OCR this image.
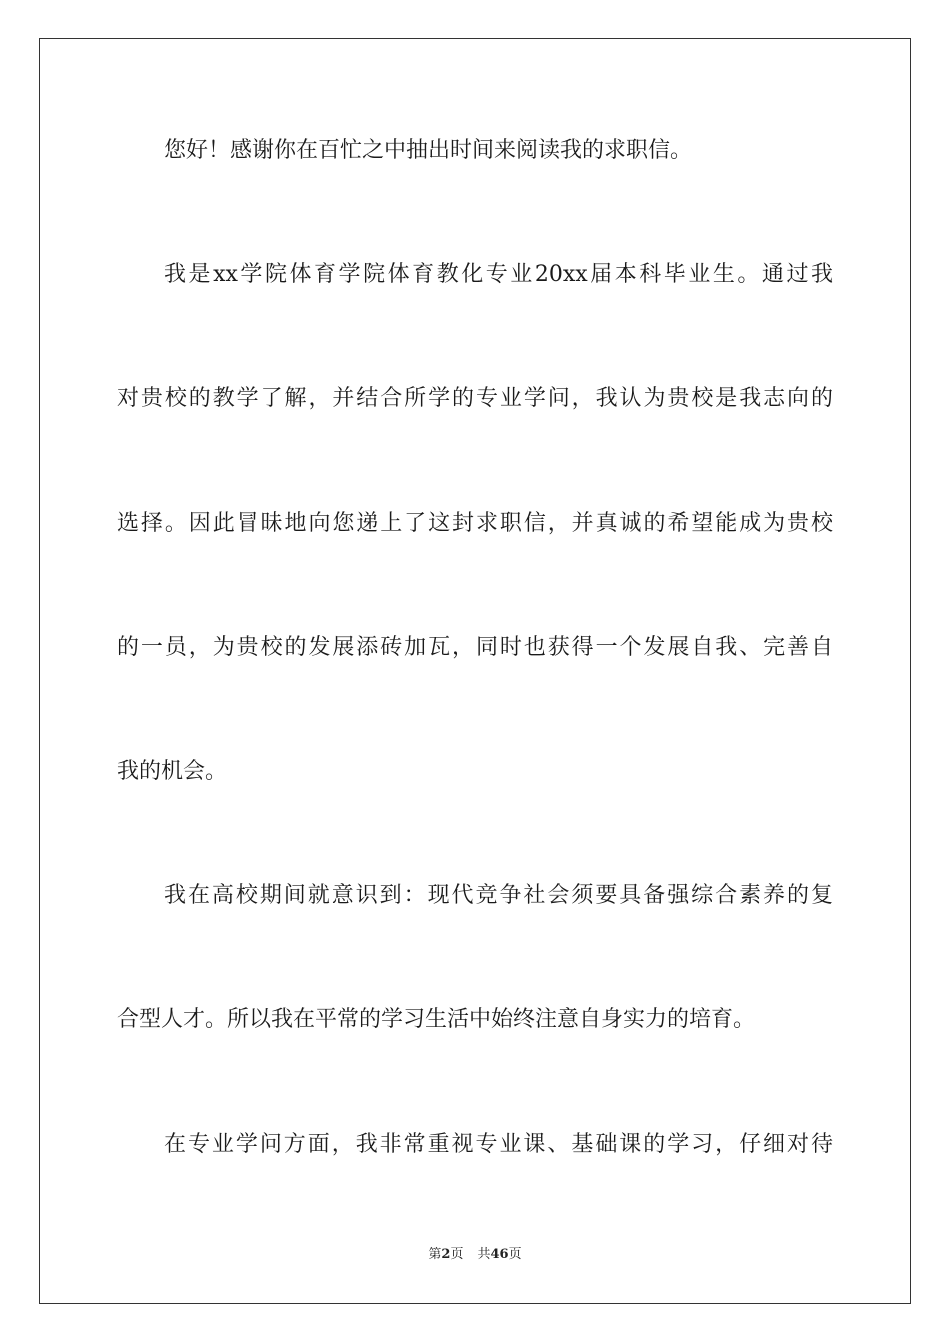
您好！感谢你在百忙之中抽出时间来阅读我的求职信。
我是xx学院体育学院体育教化专业20xx届本科毕业生。通过我
对贵校的教学了解，并结合所学的专业学问，我认为贵校是我志向的
选择。因此冒昧地向您递上了这封求职信，并真诚的希望能成为贵校
的一员，为贵校的发展添砖加瓦，同时也获得一个发展自我、完善自
我的机会。
我在高校期间就意识到：现代竞争社会须要具备强综合素养的复
合型人才。所以我在平常的学习生活中始终注意自身实力的培育。
在专业学问方面，我非常重视专业课、基础课的学习，仔细对待
第2页 共46页
